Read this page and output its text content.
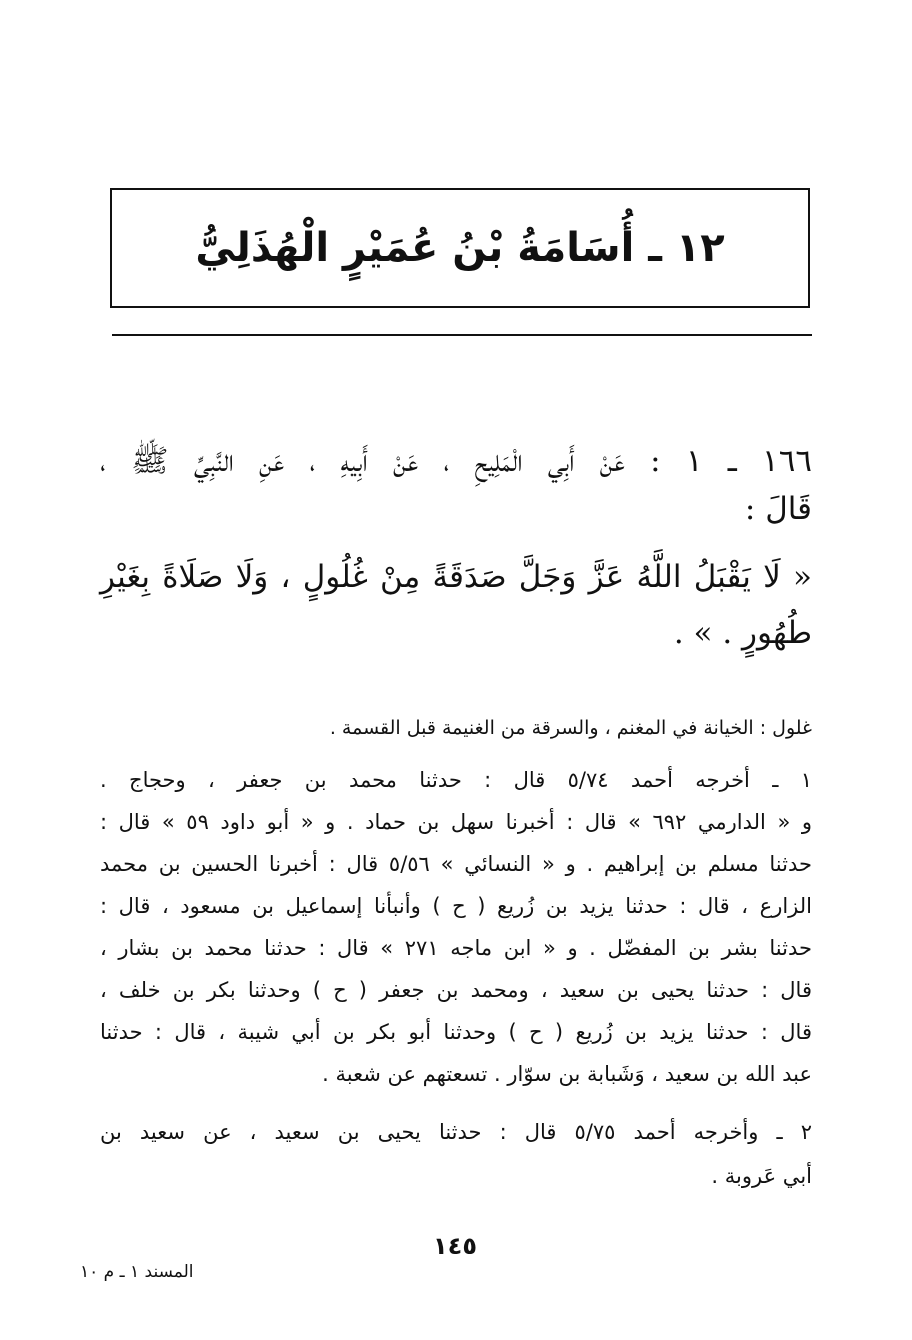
١٢ ـ أُسَامَةُ بْنُ عُمَيْرٍ الْهُذَلِيُّ
١٦٦ ـ ١ : عَنْ أَبِي الْمَلِيحِ ، عَنْ أَبِيهِ ، عَنِ النَّبِيِّ ﷺ ،
قَالَ :
« لَا يَقْبَلُ اللَّهُ عَزَّ وَجَلَّ صَدَقَةً مِنْ غُلُولٍ ، وَلَا صَلَاةً بِغَيْرِ
طُهُورٍ . » .
غلول : الخيانة في المغنم ، والسرقة من الغنيمة قبل القسمة .
١ ـ أخرجه أحمد ٥/٧٤ قال : حدثنا محمد بن جعفر ، وحجاج .
و « الدارمي ٦٩٢ » قال : أخبرنا سهل بن حماد . و « أبو داود ٥٩ » قال :
حدثنا مسلم بن إبراهيم . و « النسائي » ٥/٥٦ قال : أخبرنا الحسين بن محمد
الزارع ، قال : حدثنا يزيد بن زُريع ( ح ) وأنبأنا إسماعيل بن مسعود ، قال :
حدثنا بشر بن المفضّل . و « ابن ماجه ٢٧١ » قال : حدثنا محمد بن بشار ،
قال : حدثنا يحيى بن سعيد ، ومحمد بن جعفر ( ح ) وحدثنا بكر بن خلف ،
قال : حدثنا يزيد بن زُريع ( ح ) وحدثنا أبو بكر بن أبي شيبة ، قال : حدثنا
عبد الله بن سعيد ، وَشَبابة بن سوّار . تسعتهم عن شعبة .
٢ ـ وأخرجه أحمد ٥/٧٥ قال : حدثنا يحيى بن سعيد ، عن سعيد بن
أبي عَروبة .
١٤٥
المسند ١ ـ م ١٠
